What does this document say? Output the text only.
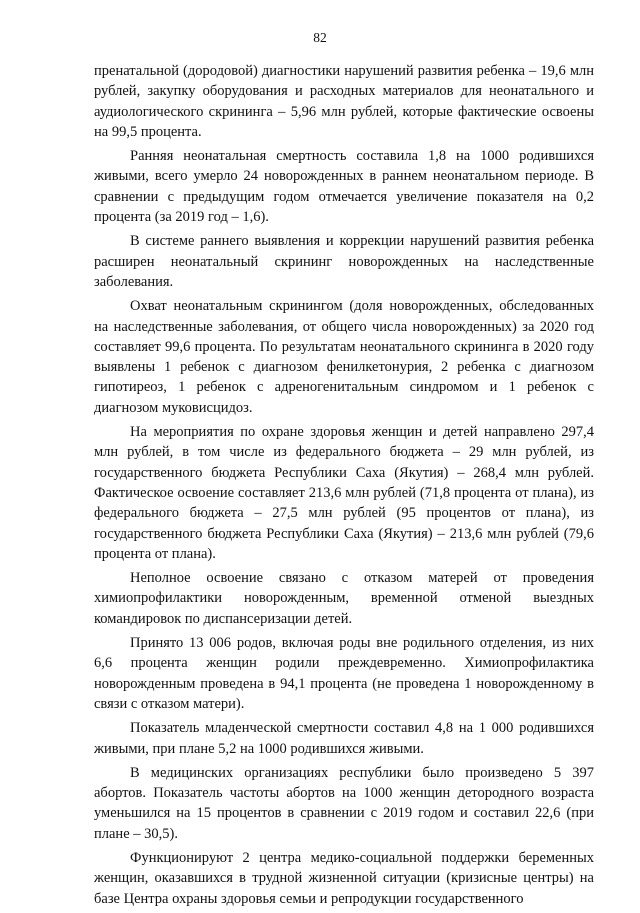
82

пренатальной (дородовой) диагностики нарушений развития ребенка – 19,6 млн рублей, закупку оборудования и расходных материалов для неонатального и аудиологического скрининга – 5,96 млн рублей, которые фактические освоены на 99,5 процента.

Ранняя неонатальная смертность составила 1,8 на 1000 родившихся живыми, всего умерло 24 новорожденных в раннем неонатальном периоде. В сравнении с предыдущим годом отмечается увеличение показателя на 0,2 процента (за 2019 год – 1,6).

В системе раннего выявления и коррекции нарушений развития ребенка расширен неонатальный скрининг новорожденных на наследственные заболевания.

Охват неонатальным скринингом (доля новорожденных, обследованных на наследственные заболевания, от общего числа новорожденных) за 2020 год составляет 99,6 процента. По результатам неонатального скрининга в 2020 году выявлены 1 ребенок с диагнозом фенилкетонурия, 2 ребенка с диагнозом гипотиреоз, 1 ребенок с адреногенитальным синдромом и 1 ребенок с диагнозом муковисцидоз.

На мероприятия по охране здоровья женщин и детей направлено 297,4 млн рублей, в том числе из федерального бюджета – 29 млн рублей, из государственного бюджета Республики Саха (Якутия) – 268,4 млн рублей. Фактическое освоение составляет 213,6 млн рублей (71,8 процента от плана), из федерального бюджета – 27,5 млн рублей (95 процентов от плана), из государственного бюджета Республики Саха (Якутия) – 213,6 млн рублей (79,6 процента от плана).

Неполное освоение связано с отказом матерей от проведения химиопрофилактики новорожденным, временной отменой выездных командировок по диспансеризации детей.

Принято 13 006 родов, включая роды вне родильного отделения, из них 6,6 процента женщин родили преждевременно. Химиопрофилактика новорожденным проведена в 94,1 процента (не проведена 1 новорожденному в связи с отказом матери).

Показатель младенческой смертности составил 4,8 на 1 000 родившихся живыми, при плане 5,2 на 1000 родившихся живыми.

В медицинских организациях республики было произведено 5 397 абортов. Показатель частоты абортов на 1000 женщин детородного возраста уменьшился на 15 процентов в сравнении с 2019 годом и составил 22,6 (при плане – 30,5).

Функционируют 2 центра медико-социальной поддержки беременных женщин, оказавшихся в трудной жизненной ситуации (кризисные центры) на базе Центра охраны здоровья семьи и репродукции государственного
